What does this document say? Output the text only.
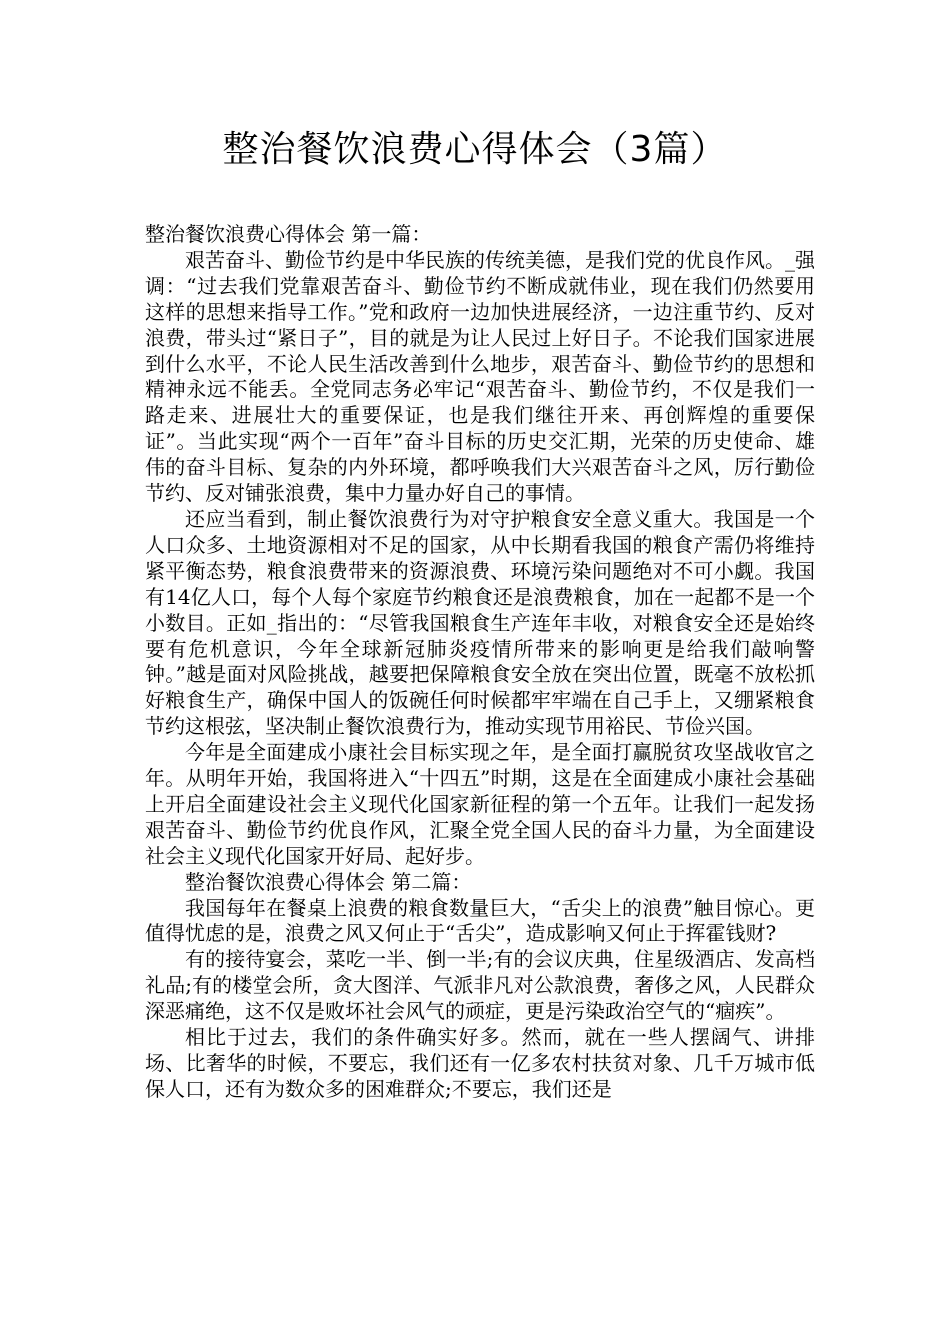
整治餐饮浪费心得体会（3篇）

整治餐饮浪费心得体会 第一篇：

艰苦奋斗、勤俭节约是中华民族的传统美德，是我们党的优良作风。_强调：“过去我们党靠艰苦奋斗、勤俭节约不断成就伟业，现在我们仍然要用这样的思想来指导工作。”党和政府一边加快进展经济，一边注重节约、反对浪费，带头过“紧日子”，目的就是为让人民过上好日子。不论我们国家进展到什么水平，不论人民生活改善到什么地步，艰苦奋斗、勤俭节约的思想和精神永远不能丢。全党同志务必牢记“艰苦奋斗、勤俭节约，不仅是我们一路走来、进展壮大的重要保证，也是我们继往开来、再创辉煌的重要保证”。当此实现“两个一百年”奋斗目标的历史交汇期，光荣的历史使命、雄伟的奋斗目标、复杂的内外环境，都呼唤我们大兴艰苦奋斗之风，厉行勤俭节约、反对铺张浪费，集中力量办好自己的事情。

还应当看到，制止餐饮浪费行为对守护粮食安全意义重大。我国是一个人口众多、土地资源相对不足的国家，从中长期看我国的粮食产需仍将维持紧平衡态势，粮食浪费带来的资源浪费、环境污染问题绝对不可小觑。我国有14亿人口，每个人每个家庭节约粮食还是浪费粮食，加在一起都不是一个小数目。正如_指出的：“尽管我国粮食生产连年丰收，对粮食安全还是始终要有危机意识，今年全球新冠肺炎疫情所带来的影响更是给我们敲响警钟。”越是面对风险挑战，越要把保障粮食安全放在突出位置，既毫不放松抓好粮食生产，确保中国人的饭碗任何时候都牢牢端在自己手上，又绷紧粮食节约这根弦，坚决制止餐饮浪费行为，推动实现节用裕民、节俭兴国。

今年是全面建成小康社会目标实现之年，是全面打赢脱贫攻坚战收官之年。从明年开始，我国将进入“十四五”时期，这是在全面建成小康社会基础上开启全面建设社会主义现代化国家新征程的第一个五年。让我们一起发扬艰苦奋斗、勤俭节约优良作风，汇聚全党全国人民的奋斗力量，为全面建设社会主义现代化国家开好局、起好步。

整治餐饮浪费心得体会 第二篇：

我国每年在餐桌上浪费的粮食数量巨大，“舌尖上的浪费”触目惊心。更值得忧虑的是，浪费之风又何止于“舌尖”，造成影响又何止于挥霍钱财?

有的接待宴会，菜吃一半、倒一半;有的会议庆典，住星级酒店、发高档礼品;有的楼堂会所，贪大图洋、气派非凡对公款浪费，奢侈之风，人民群众深恶痛绝，这不仅是败坏社会风气的顽症，更是污染政治空气的“痼疾”。

相比于过去，我们的条件确实好多。然而，就在一些人摆阔气、讲排场、比奢华的时候，不要忘，我们还有一亿多农村扶贫对象、几千万城市低保人口，还有为数众多的困难群众;不要忘，我们还是
